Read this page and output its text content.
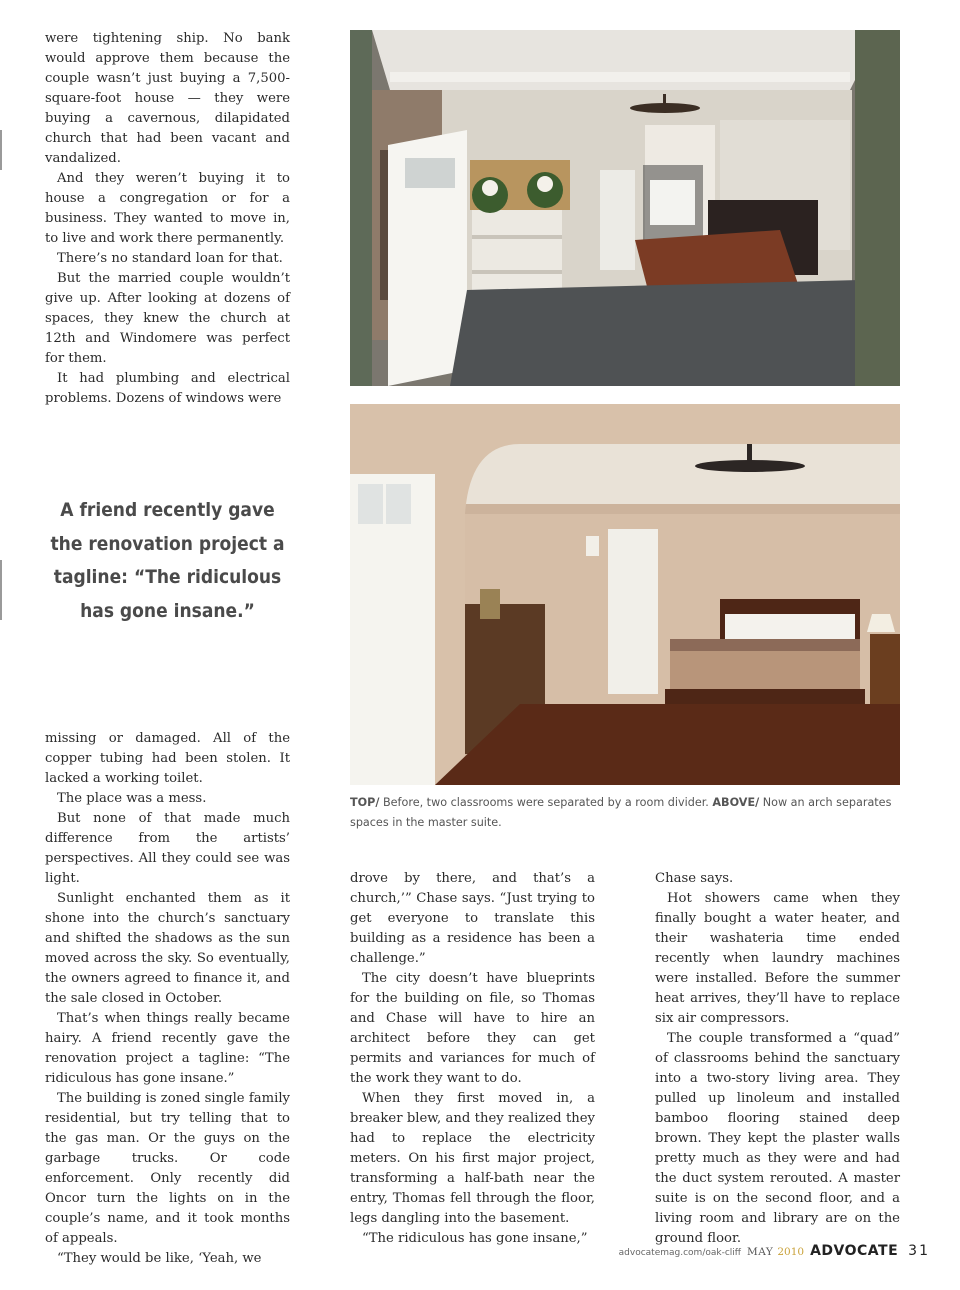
were tightening ship. No bank would approve them because the couple wasn’t just buying a 7,500-square-foot house — they were buying a cavernous, dilapidated church that had been vacant and vandalized.

And they weren’t buying it to house a congregation or for a business. They wanted to move in, to live and work there permanently.

There’s no standard loan for that.

But the married couple wouldn’t give up. After looking at dozens of spaces, they knew the church at 12th and Windomere was perfect for them.

It had plumbing and electrical problems. Dozens of windows were

A friend recently gave the renovation project a tagline: “The ridiculous has gone insane.”

missing or damaged. All of the copper tubing had been stolen. It lacked a working toilet.

The place was a mess.

But none of that made much difference from the artists’ perspectives. All they could see was light.

Sunlight enchanted them as it shone into the church’s sanctuary and shifted the shadows as the sun moved across the sky. So eventually, the owners agreed to finance it, and the sale closed in October.

That’s when things really became hairy. A friend recently gave the renovation project a tagline: “The ridiculous has gone insane.”

The building is zoned single family residential, but try telling that to the gas man. Or the guys on the garbage trucks. Or code enforcement. Only recently did Oncor turn the lights on in the couple’s name, and it took months of appeals.

“They would be like, ‘Yeah, we

drove by there, and that’s a church,’” Chase says. “Just trying to get everyone to translate this building as a residence has been a challenge.”

The city doesn’t have blueprints for the building on file, so Thomas and Chase will have to hire an architect before they can get permits and variances for much of the work they want to do.

When they first moved in, a breaker blew, and they realized they had to replace the electricity meters. On his first major project, transforming a half-bath near the entry, Thomas fell through the floor, legs dangling into the basement.

“The ridiculous has gone insane,”

Chase says.

Hot showers came when they finally bought a water heater, and their washateria time ended recently when laundry machines were installed. Before the summer heat arrives, they’ll have to replace six air compressors.

The couple transformed a “quad” of classrooms behind the sanctuary into a two-story living area. They pulled up linoleum and installed bamboo flooring stained deep brown. They kept the plaster walls pretty much as they were and had the duct system rerouted. A master suite is on the second floor, and a living room and library are on the ground floor.

TOP/ Before, two classrooms were separated by a room divider. ABOVE/ Now an arch separates spaces in the master suite.
advocatemag.com/oak-cliff MAY 2010 ADVOCATE 31
